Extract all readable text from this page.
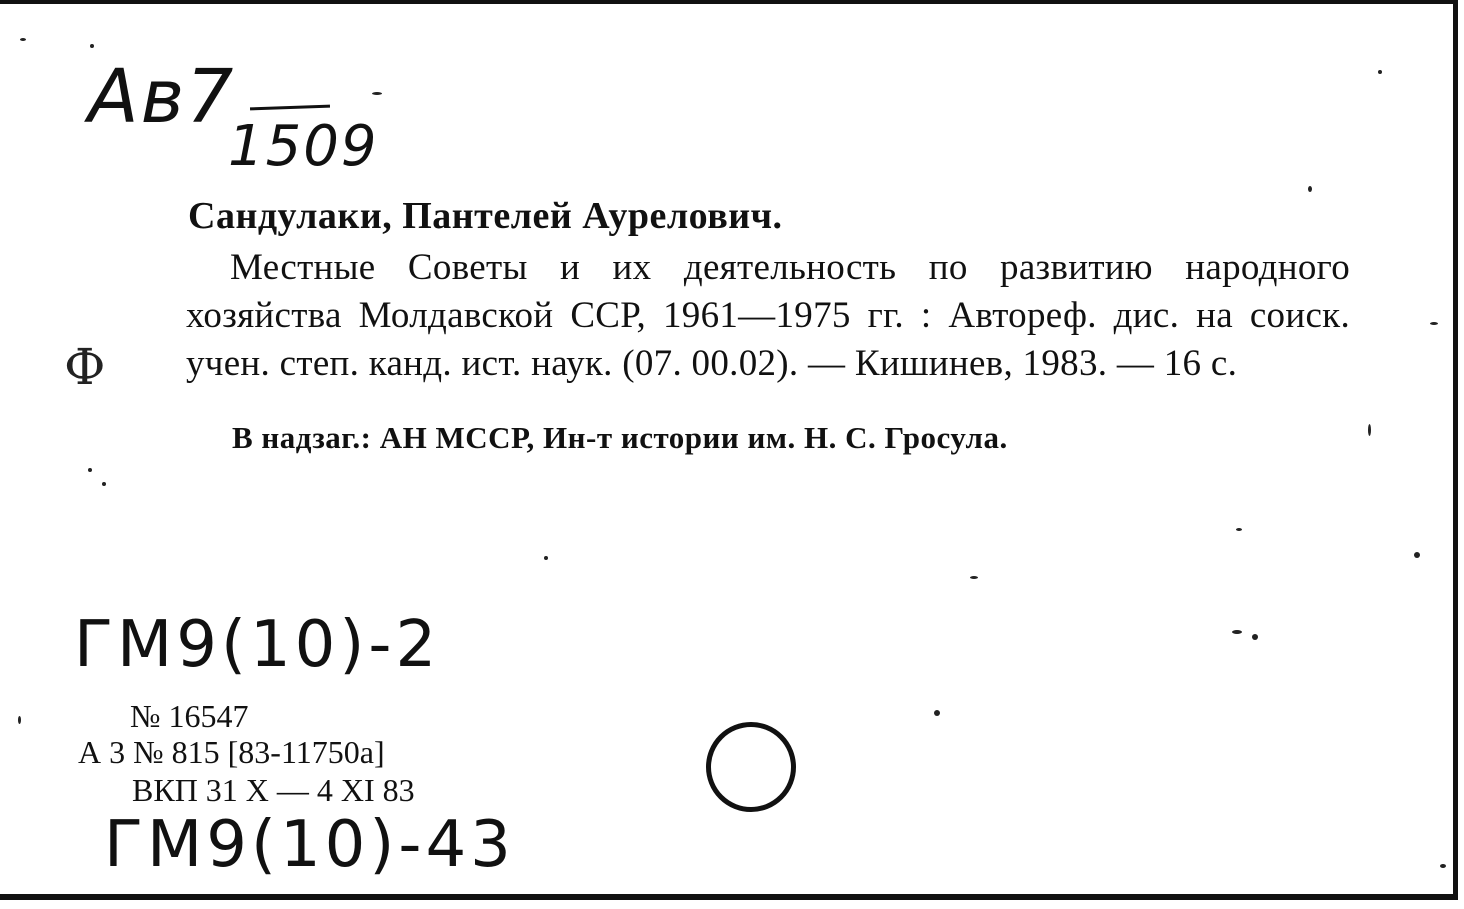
Ав7
1509
Сандулаки, Пантелей Аурелович.
Местные Советы и их деятельность по развитию народного хозяйства Молдавской ССР, 1961—1975 гг. : Автореф. дис. на соиск. учен. степ. канд. ист. наук. (07. 00.02). — Кишинев, 1983. — 16 с.
Ф
В надзаг.: АН МССР, Ин-т истории им. Н. С. Гросула.
ГМ9(10)-2
№ 16547
А 3 № 815 [83-11750а]
ВКП 31 X — 4 XI 83
ГМ9(10)-43
